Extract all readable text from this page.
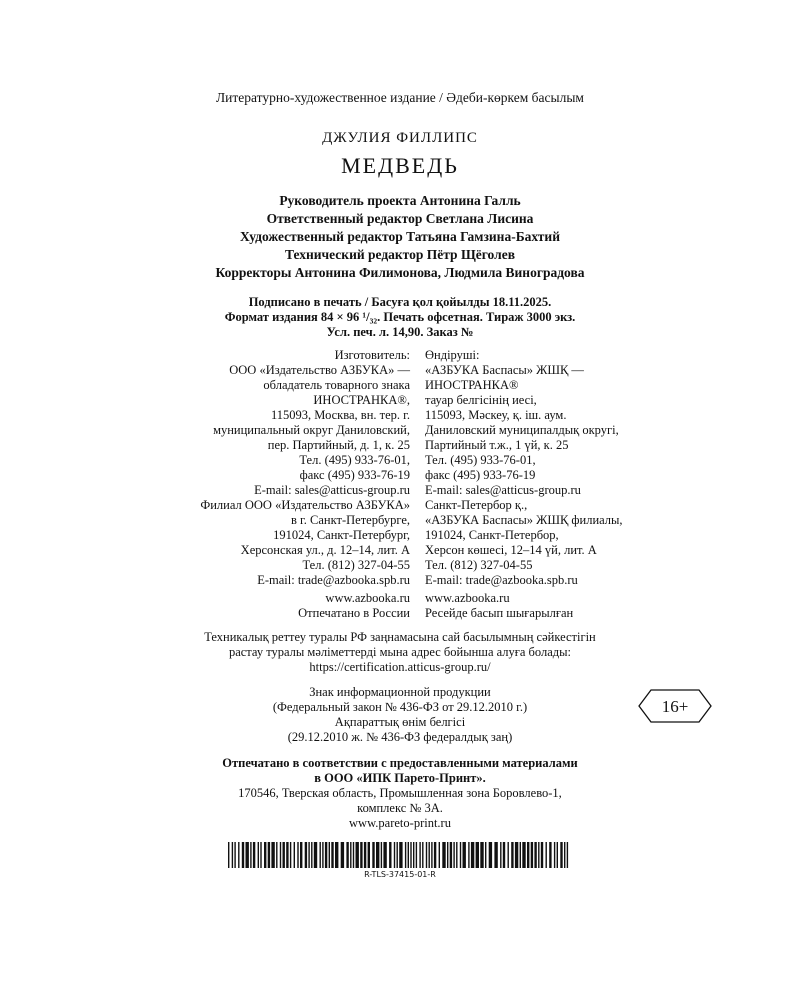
Литературно-художественное издание / Әдеби-көркем басылым
ДЖУЛИЯ ФИЛЛИПС
МЕДВЕДЬ
Руководитель проекта Антонина Галль
Ответственный редактор Светлана Лисина
Художественный редактор Татьяна Гамзина-Бахтий
Технический редактор Пётр Щёголев
Корректоры Антонина Филимонова, Людмила Виноградова
Подписано в печать / Басуға қол қойылды 18.11.2025.
Формат издания 84 × 96 ¹/₃₂. Печать офсетная. Тираж 3000 экз.
Усл. печ. л. 14,90. Заказ №
Изготовитель: Өндіруші:
ООО «Издательство АЗБУКА» — «АЗБУКА Баспасы» ЖШҚ —
обладатель товарного знака ИНОСТРАНКА®
ИНОСТРАНКА®, тауар белгісінің иесі,
115093, Москва, вн. тер. г. 115093, Мәскеу, қ. іш. аум.
муниципальный округ Даниловский, Даниловский муниципалдық округі,
пер. Партийный, д. 1, к. 25 Партийный т.ж., 1 үй, к. 25
Тел. (495) 933-76-01, Тел. (495) 933-76-01,
факс (495) 933-76-19 факс (495) 933-76-19
E-mail: sales@atticus-group.ru E-mail: sales@atticus-group.ru
Филиал ООО «Издательство АЗБУКА» Санкт-Петербор қ.,
в г. Санкт-Петербурге, «АЗБУКА Баспасы» ЖШҚ филиалы,
191024, Санкт-Петербург, 191024, Санкт-Петербор,
Херсонская ул., д. 12–14, лит. А Херсон көшесі, 12–14 үй, лит. А
Тел. (812) 327-04-55 Тел. (812) 327-04-55
E-mail: trade@azbooka.spb.ru E-mail: trade@azbooka.spb.ru
www.azbooka.ru www.azbooka.ru
Отпечатано в России Ресейде басып шығарылған
Техникалық реттеу туралы РФ заңнамасына сай басылымның сәйкестігін
растау туралы мәліметтерді мына адрес бойынша алуға болады:
https://certification.atticus-group.ru/
Знак информационной продукции
(Федеральный закон № 436-ФЗ от 29.12.2010 г.)
Ақпараттық өнім белгісі
(29.12.2010 ж. № 436-ФЗ федералдық заң)
16+
Отпечатано в соответствии с предоставленными материалами
в ООО «ИПК Парето-Принт».
170546, Тверская область, Промышленная зона Боровлево-1,
комплекс № 3А.
www.pareto-print.ru
R-TLS-37415-01-R
